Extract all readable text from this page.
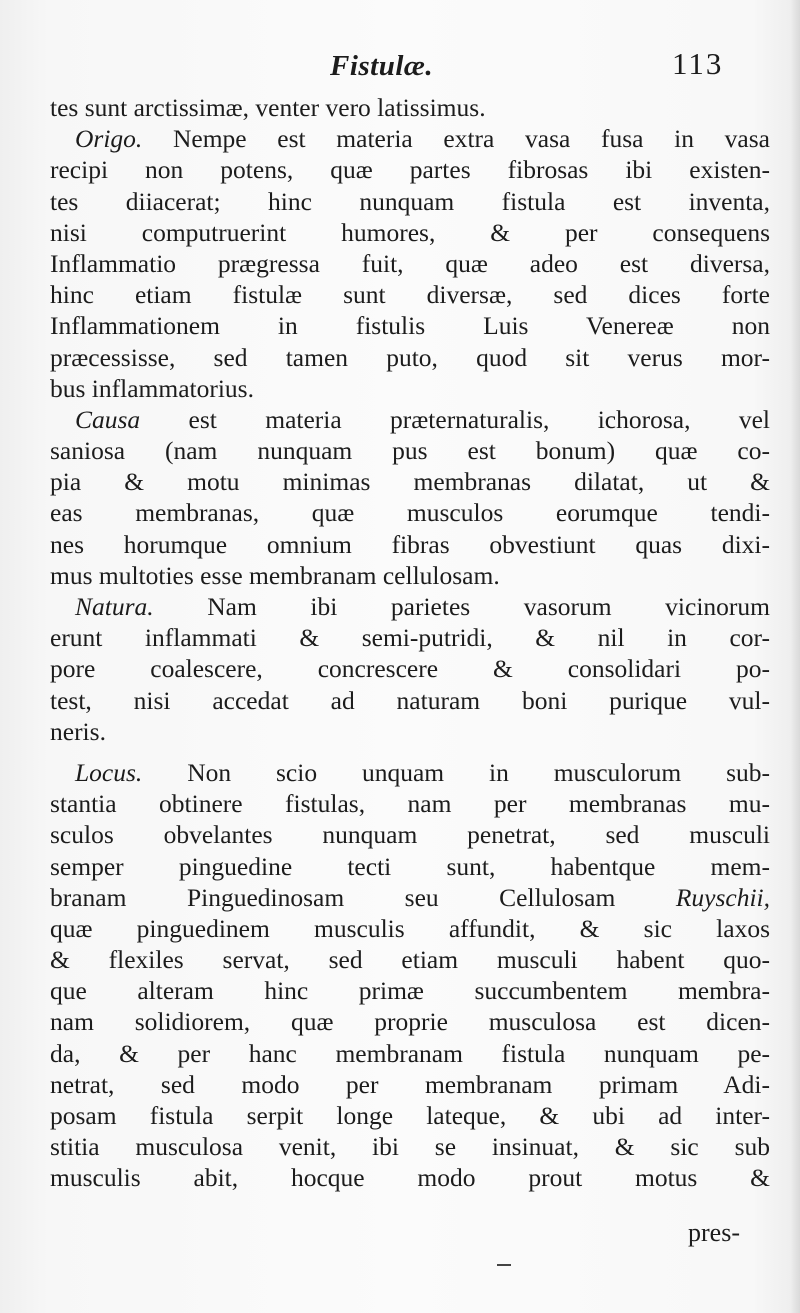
Fistulæ.	113
tes sunt arctissimæ, venter vero latissimus.
Origo. Nempe est materia extra vasa fusa in vasa
recipi non potens, quæ partes fibrosas ibi existen-
tes diiacerat; hinc nunquam fistula est inventa,
nisi computruerint humores, & per consequens
Inflammatio prægressa fuit, quæ adeo est diversa,
hinc etiam fistulæ sunt diversæ, sed dices forte
Inflammationem in fistulis Luis Venereæ non
præcessisse, sed tamen puto, quod sit verus mor-
bus inflammatorius.
Causa est materia præternaturalis, ichorosa, vel
saniosa (nam nunquam pus est bonum) quæ co-
pia & motu minimas membranas dilatat, ut &
eas membranas, quæ musculos eorumque tendi-
nes horumque omnium fibras obvestiunt quas dixi-
mus multoties esse membranam cellulosam.
Natura. Nam ibi parietes vasorum vicinorum
erunt inflammati & semi-putridi, & nil in cor-
pore coalescere, concrescere & consolidari po-
test, nisi accedat ad naturam boni purique vul-
neris.
Locus. Non scio unquam in musculorum sub-
stantia obtinere fistulas, nam per membranas mu-
sculos obvelantes nunquam penetrat, sed musculi
semper pinguedine tecti sunt, habentque mem-
branam Pinguedinosam seu Cellulosam Ruyschii,
quæ pinguedinem musculis affundit, & sic laxos
& flexiles servat, sed etiam musculi habent quo-
que alteram hinc primæ succumbentem membra-
nam solidiorem, quæ proprie musculosa est dicen-
da, & per hanc membranam fistula nunquam pe-
netrat, sed modo per membranam primam Adi-
posam fistula serpit longe lateque, & ubi ad inter-
stitia musculosa venit, ibi se insinuat, & sic sub
musculis abit, hocque modo prout motus &
pres-
